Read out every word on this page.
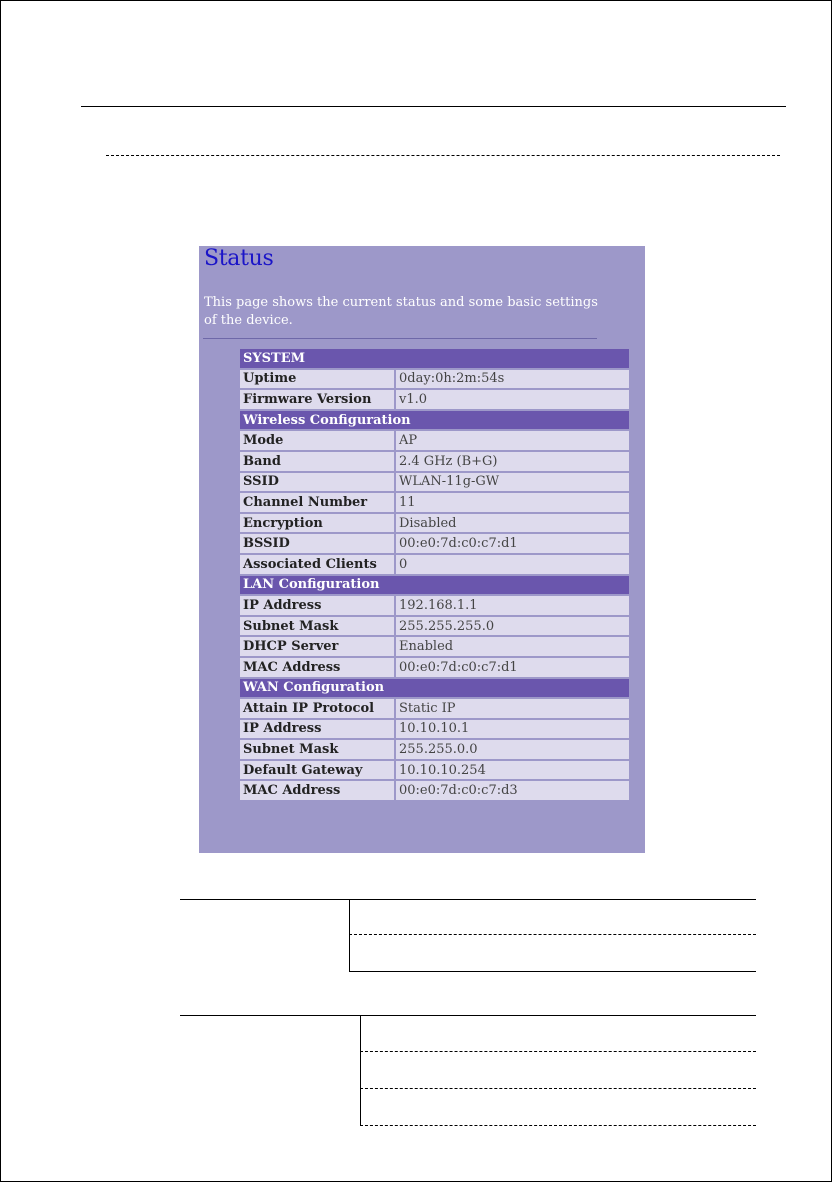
Status
This page shows the current status and some basic settings of the device.
SYSTEM	
Uptime	0day:0h:2m:54s
Firmware Version	v1.0
Wireless Configuration	
Mode	AP
Band	2.4 GHz (B+G)
SSID	WLAN-11g-GW
Channel Number	11
Encryption	Disabled
BSSID	00:e0:7d:c0:c7:d1
Associated Clients	0
LAN Configuration	
IP Address	192.168.1.1
Subnet Mask	255.255.255.0
DHCP Server	Enabled
MAC Address	00:e0:7d:c0:c7:d1
WAN Configuration	
Attain IP Protocol	Static IP
IP Address	10.10.10.1
Subnet Mask	255.255.0.0
Default Gateway	10.10.10.254
MAC Address	00:e0:7d:c0:c7:d3
